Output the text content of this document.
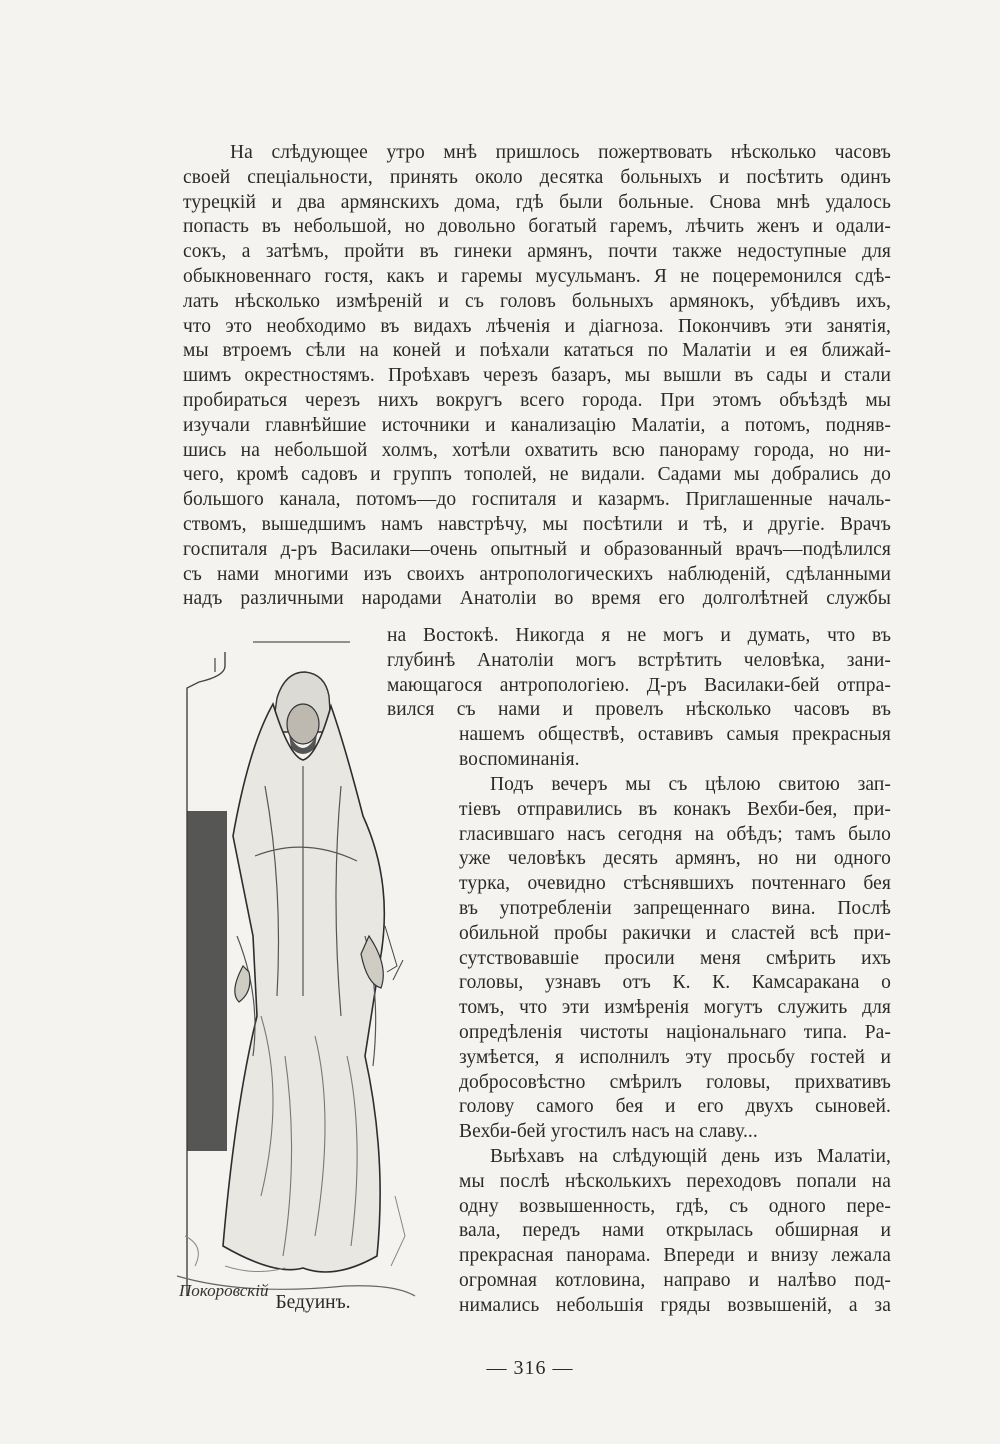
На слѣдующее утро мнѣ пришлось пожертвовать нѣсколько часовъ
своей спеціальности, принять около десятка больныхъ и посѣтить одинъ
турецкій и два армянскихъ дома, гдѣ были больные. Снова мнѣ удалось
попасть въ небольшой, но довольно богатый гаремъ, лѣчить женъ и одали-
сокъ, а затѣмъ, пройти въ гинеки армянъ, почти также недоступные для
обыкновеннаго гостя, какъ и гаремы мусульманъ. Я не поцеремонился сдѣ-
лать нѣсколько измѣреній и съ головъ больныхъ армянокъ, убѣдивъ ихъ,
что это необходимо въ видахъ лѣченія и діагноза. Покончивъ эти занятія,
мы втроемъ сѣли на коней и поѣхали кататься по Малатіи и ея ближай-
шимъ окрестностямъ. Проѣхавъ черезъ базаръ, мы вышли въ сады и стали
пробираться черезъ нихъ вокругъ всего города. При этомъ объѣздѣ мы
изучали главнѣйшие источники и канализацію Малатіи, а потомъ, подняв-
шись на небольшой холмъ, хотѣли охватить всю панораму города, но ни-
чего, кромѣ садовъ и группъ тополей, не видали. Садами мы добрались до
большого канала, потомъ—до госпиталя и казармъ. Приглашенные началь-
ствомъ, вышедшимъ намъ навстрѣчу, мы посѣтили и тѣ, и другіе. Врачъ
госпиталя д-ръ Василаки—очень опытный и образованный врачъ—подѣлился
съ нами многими изъ своихъ антропологическихъ наблюденій, сдѣланными
надъ различными народами Анатоліи во время его долголѣтней службы
на Востокѣ. Никогда я не могъ и думать, что въ
глубинѣ Анатоліи могъ встрѣтить человѣка, зани-
мающагося антропологіею. Д-ръ Василаки-бей отпра-
вился съ нами и провелъ нѣсколько часовъ въ
нашемъ обществѣ, оставивъ самыя прекрасныя
воспоминанія.
Подъ вечеръ мы съ цѣлою свитою зап-
тіевъ отправились въ конакъ Вехби-бея, при-
гласившаго насъ сегодня на обѣдъ; тамъ было
уже человѣкъ десять армянъ, но ни одного
турка, очевидно стѣснявшихъ почтеннаго бея
въ употребленіи запрещеннаго вина. Послѣ
обильной пробы ракички и сластей всѣ при-
сутствовавшіе просили меня смѣрить ихъ
головы, узнавъ отъ К. К. Камсаракана о
томъ, что эти измѣренія могутъ служить для
опредѣленія чистоты національнаго типа. Ра-
зумѣется, я исполнилъ эту просьбу гостей и
добросовѣстно смѣрилъ головы, прихвативъ
голову самого бея и его двухъ сыновей.
Вехби-бей угостилъ насъ на славу...
Выѣхавъ на слѣдующій день изъ Малатіи,
мы послѣ нѣсколькихъ переходовъ попали на
одну возвышенность, гдѣ, съ одного пере-
вала, передъ нами открылась обширная и
прекрасная панорама. Впереди и внизу лежала
огромная котловина, направо и налѣво под-
нимались небольшія гряды возвышеній, а за
Покоровскій
Бедуинъ.
— 316 —
